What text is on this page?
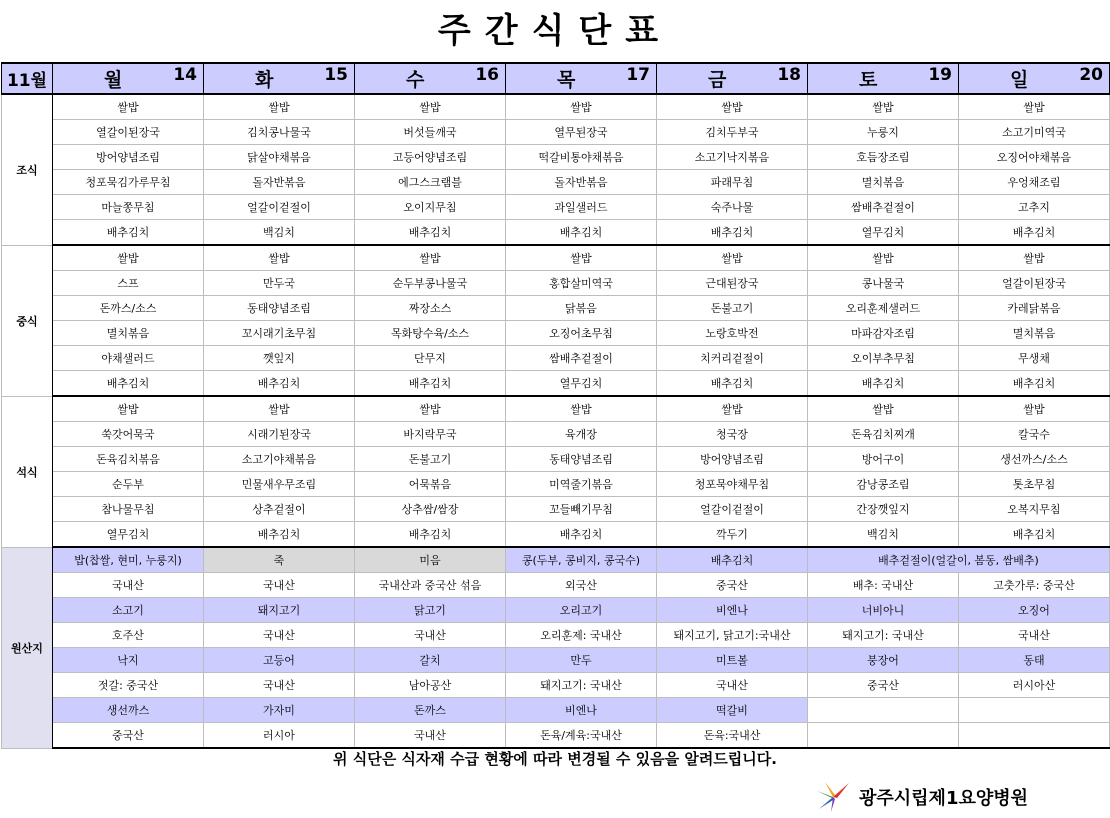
주간식단표
11월	월 14	화 15	수 16	목 17	금 18	토 19	일 20

조식	쌀밥	쌀밥	쌀밥	쌀밥	쌀밥	쌀밥	쌀밥
	열갈이된장국	김치콩나물국	버섯들깨국	열무된장국	김치두부국	누룽지	소고기미역국
	방어양념조림	닭살야채볶음	고등어양념조림	떡갈비통야채볶음	소고기낙지볶음	호듬장조림	오징어야채볶음
	청포묵김가루무침	돌자반볶음	에그스크램블	돌자반볶음	파래무침	멸치볶음	우엉채조림
	마늘쫑무침	얼갈이겉절이	오이지무침	과일샐러드	숙주나물	쌈배추겉절이	고추지
	배추김치	백김치	배추김치	배추김치	배추김치	열무김치	배추김치
중식	쌀밥	쌀밥	쌀밥	쌀밥	쌀밥	쌀밥	쌀밥
	스프	만두국	순두부콩나물국	홍합살미역국	근대된장국	콩나물국	얼갈이된장국
	돈까스/소스	동태양념조림	짜장소스	닭볶음	돈불고기	오리훈제샐러드	카레닭볶음
	멸치볶음	꼬시래기초무침	목화탕수육/소스	오징어초무침	노랑호박전	마파감자조림	멸치볶음
	야채샐러드	깻잎지	단무지	쌈배추겉절이	치커리겉절이	오이부추무침	무생채
	배추김치	배추김치	배추김치	열무김치	배추김치	배추김치	배추김치
석식	쌀밥	쌀밥	쌀밥	쌀밥	쌀밥	쌀밥	쌀밥
	쑥갓어묵국	시래기된장국	바지락무국	육개장	청국장	돈육김치찌개	칼국수
	돈육김치볶음	소고기야채볶음	돈불고기	동태양념조림	방어양념조림	방어구이	생선까스/소스
	순두부	민물새우무조림	어묵볶음	미역줄기볶음	청포묵야채무침	감낭콩조림	톳초무침
	참나물무침	상추겉절이	상추쌈/쌈장	꼬들빼기무침	얼갈이겉절이	간장깻잎지	오복지무침
	열무김치	배추김치	배추김치	배추김치	깍두기	백김치	배추김치
원산지	밥(찹쌀, 현미, 누룽지)	죽	미음	콩(두부, 콩비지, 콩국수)	배추김치	배추겉절이(얼갈이, 봄동, 쌈배추)	
	국내산	국내산	국내산과 중국산 섞음	외국산	중국산	배추: 국내산	고춧가루: 중국산
	소고기	돼지고기	닭고기	오리고기	비엔나	너비아니	오징어
	호주산	국내산	국내산	오리훈제: 국내산	돼지고기, 닭고기:국내산	돼지고기: 국내산	국내산
	낙지	고등어	갈치	만두	미트볼	붕장어	동태
	젓갈: 중국산	국내산	남아공산	돼지고기: 국내산	국내산	중국산	러시아산
	생선까스	가자미	돈까스	비엔나	떡갈비		
	중국산	러시아	국내산	돈육/계육:국내산	돈육:국내산		
위 식단은 식자재 수급 현황에 따라 변경될 수 있음을 알려드립니다.
광주시립제1요양병원
